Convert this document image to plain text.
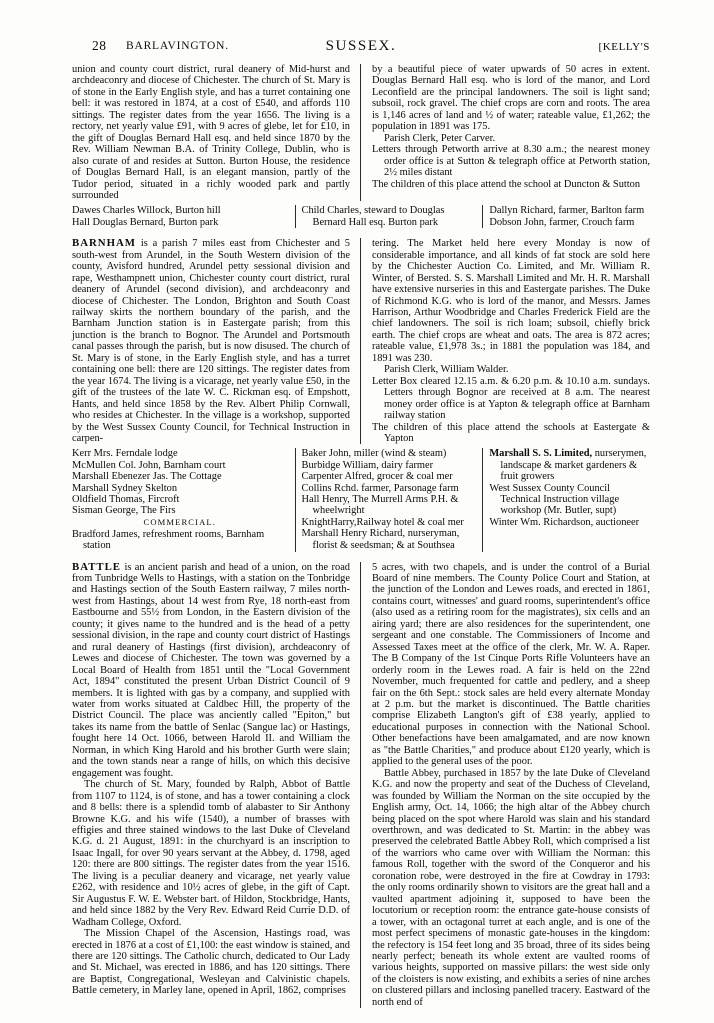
28 BARLAVINGTON.	SUSSEX.	[KELLY'S

union and county court district, rural deanery of Mid-hurst and archdeaconry and diocese of Chichester. The church of St. Mary is of stone in the Early English style, and has a turret containing one bell: it was restored in 1874, at a cost of £540, and affords 110 sittings. The register dates from the year 1656. The living is a rectory, net yearly value £91, with 9 acres of glebe, let for £10, in the gift of Douglas Bernard Hall esq. and held since 1870 by the Rev. William Newman B.A. of Trinity College, Dublin, who is also curate of and resides at Sutton. Burton House, the residence of Douglas Bernard Hall, is an elegant mansion, partly of the Tudor period, situated in a richly wooded park and partly surrounded

by a beautiful piece of water upwards of 50 acres in extent. Douglas Bernard Hall esq. who is lord of the manor, and Lord Leconfield are the principal landowners. The soil is light sand; subsoil, rock gravel. The chief crops are corn and roots. The area is 1,146 acres of land and ½ of water; rateable value, £1,262; the population in 1891 was 175.

Parish Clerk, Peter Carver.

Letters through Petworth arrive at 8.30 a.m.; the nearest money order office is at Sutton & telegraph office at Petworth station, 2½ miles distant

The children of this place attend the school at Duncton & Sutton

Dawes Charles Willock, Burton hill
Hall Douglas Bernard, Burton park
Child Charles, steward to Douglas Bernard Hall esq. Burton park
Dallyn Richard, farmer, Barlton farm
Dobson John, farmer, Crouch farm

BARNHAM is a parish 7 miles east from Chichester and 5 south-west from Arundel, in the South Western division of the county, Avisford hundred, Arundel petty sessional division and rape, Westhampnett union, Chichester county court district, rural deanery of Arundel (second division), and archdeaconry and diocese of Chichester. The London, Brighton and South Coast railway skirts the northern boundary of the parish, and the Barnham Junction station is in Eastergate parish; from this junction is the branch to Bognor. The Arundel and Portsmouth canal passes through the parish, but is now disused. The church of St. Mary is of stone, in the Early English style, and has a turret containing one bell: there are 120 sittings. The register dates from the year 1674. The living is a vicarage, net yearly value £50, in the gift of the trustees of the late W. C. Rickman esq. of Empshott, Hants, and held since 1858 by the Rev. Albert Philip Cornwall, who resides at Chichester. In the village is a workshop, supported by the West Sussex County Council, for Technical Instruction in carpen-

tering. The Market held here every Monday is now of considerable importance, and all kinds of fat stock are sold here by the Chichester Auction Co. Limited, and Mr. William R. Winter, of Bersted. S. S. Marshall Limited and Mr. H. R. Marshall have extensive nurseries in this and Eastergate parishes. The Duke of Richmond K.G. who is lord of the manor, and Messrs. James Harrison, Arthur Woodbridge and Charles Frederick Field are the chief landowners. The soil is rich loam; subsoil, chiefly brick earth. The chief crops are wheat and oats. The area is 872 acres; rateable value, £1,978 3s.; in 1881 the population was 184, and 1891 was 230.

Parish Clerk, William Walder.

Letter Box cleared 12.15 a.m. & 6.20 p.m. & 10.10 a.m. sundays. Letters through Bognor are received at 8 a.m. The nearest money order office is at Yapton & telegraph office at Barnham railway station

The children of this place attend the schools at Eastergate & Yapton

Kerr Mrs. Ferndale lodge
McMullen Col. John, Barnham court
Marshall Ebenezer Jas. The Cottage
Marshall Sydney Skelton
Oldfield Thomas, Fircroft
Sisman George, The Firs
COMMERCIAL.
Bradford James, refreshment rooms, Barnham station
Baker John, miller (wind & steam)
Burbidge William, dairy farmer
Carpenter Alfred, grocer & coal mer
Collins Rchd. farmer, Parsonage farm
Hall Henry, The Murrell Arms P.H. & wheelwright
KnightHarry,Railway hotel & coal mer
Marshall Henry Richard, nurseryman, florist & seedsman; & at Southsea
Marshall S. S. Limited, nurserymen, landscape & market gardeners & fruit growers
West Sussex County Council Technical Instruction village workshop (Mr. Butler, supt)
Winter Wm. Richardson, auctioneer

BATTLE is an ancient parish and head of a union, on the road from Tunbridge Wells to Hastings, with a station on the Tonbridge and Hastings section of the South Eastern railway, 7 miles north-west from Hastings, about 14 west from Rye, 18 north-east from Eastbourne and 55½ from London, in the Eastern division of the county; it gives name to the hundred and is the head of a petty sessional division, in the rape and county court district of Hastings and rural deanery of Hastings (first division), archdeaconry of Lewes and diocese of Chichester. The town was governed by a Local Board of Health from 1851 until the "Local Government Act, 1894" constituted the present Urban District Council of 9 members. It is lighted with gas by a company, and supplied with water from works situated at Caldbec Hill, the property of the District Council. The place was anciently called "Epiton," but takes its name from the battle of Senlac (Sangue lac) or Hastings, fought here 14 Oct. 1066, between Harold II. and William the Norman, in which King Harold and his brother Gurth were slain; and the town stands near a range of hills, on which this decisive engagement was fought.

The church of St. Mary, founded by Ralph, Abbot of Battle from 1107 to 1124, is of stone, and has a tower containing a clock and 8 bells: there is a splendid tomb of alabaster to Sir Anthony Browne K.G. and his wife (1540), a number of brasses with effigies and three stained windows to the last Duke of Cleveland K.G. d. 21 August, 1891: in the churchyard is an inscription to Isaac Ingall, for over 90 years servant at the Abbey, d. 1798, aged 120: there are 800 sittings. The register dates from the year 1516. The living is a peculiar deanery and vicarage, net yearly value £262, with residence and 10½ acres of glebe, in the gift of Capt. Sir Augustus F. W. E. Webster bart. of Hildon, Stockbridge, Hants, and held since 1882 by the Very Rev. Edward Reid Currie D.D. of Wadham College, Oxford.

The Mission Chapel of the Ascension, Hastings road, was erected in 1876 at a cost of £1,100: the east window is stained, and there are 120 sittings. The Catholic church, dedicated to Our Lady and St. Michael, was erected in 1886, and has 120 sittings. There are Baptist, Congregational, Wesleyan and Calvinistic chapels. Battle cemetery, in Marley lane, opened in April, 1862, comprises

5 acres, with two chapels, and is under the control of a Burial Board of nine members. The County Police Court and Station, at the junction of the London and Lewes roads, and erected in 1861, contains court, witnesses' and guard rooms, superintendent's office (also used as a retiring room for the magistrates), six cells and an airing yard; there are also residences for the superintendent, one sergeant and one constable. The Commissioners of Income and Assessed Taxes meet at the office of the clerk, Mr. W. A. Raper. The B Company of the 1st Cinque Ports Rifle Volunteers have an orderly room in the Lewes road. A fair is held on the 22nd November, much frequented for cattle and pedlery, and a sheep fair on the 6th Sept.: stock sales are held every alternate Monday at 2 p.m. but the market is discontinued. The Battle charities comprise Elizabeth Langton's gift of £38 yearly, applied to educational purposes in connection with the National School. Other benefactions have been amalgamated, and are now known as "the Battle Charities," and produce about £120 yearly, which is applied to the general uses of the poor.

Battle Abbey, purchased in 1857 by the late Duke of Cleveland K.G. and now the property and seat of the Duchess of Cleveland, was founded by William the Norman on the site occupied by the English army, Oct. 14, 1066; the high altar of the Abbey church being placed on the spot where Harold was slain and his standard overthrown, and was dedicated to St. Martin: in the abbey was preserved the celebrated Battle Abbey Roll, which comprised a list of the warriors who came over with William the Norman: this famous Roll, together with the sword of the Conqueror and his coronation robe, were destroyed in the fire at Cowdray in 1793: the only rooms ordinarily shown to visitors are the great hall and a vaulted apartment adjoining it, supposed to have been the locutorium or reception room: the entrance gate-house consists of a tower, with an octagonal turret at each angle, and is one of the most perfect specimens of monastic gate-houses in the kingdom: the refectory is 154 feet long and 35 broad, three of its sides being nearly perfect; beneath its whole extent are vaulted rooms of various heights, supported on massive pillars: the west side only of the cloisters is now existing, and exhibits a series of nine arches on clustered pillars and inclosing panelled tracery. Eastward of the north end of
